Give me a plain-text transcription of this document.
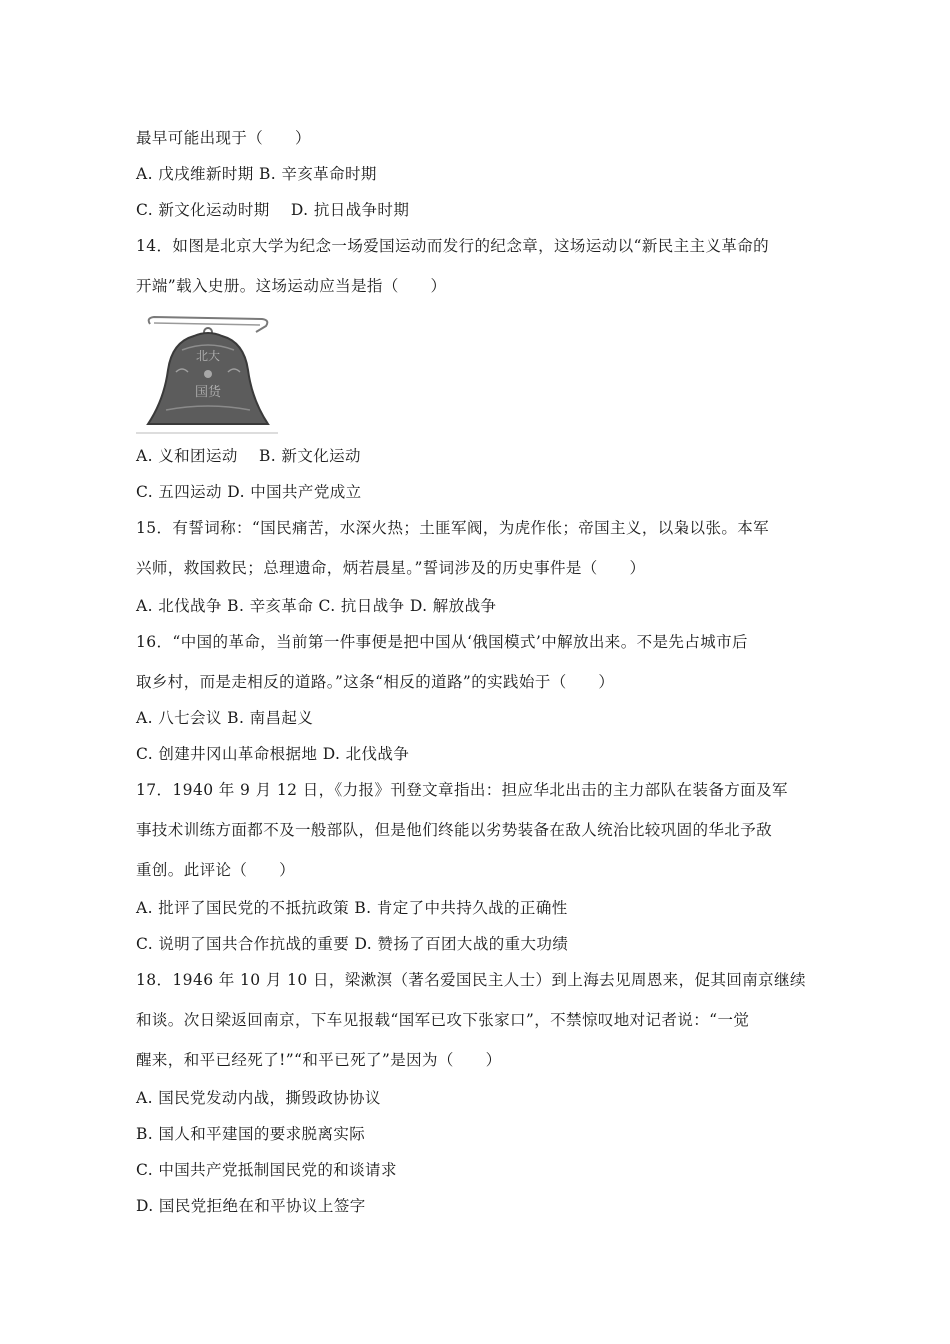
最早可能出现于（　　）
A. 戊戌维新时期 B. 辛亥革命时期
C. 新文化运动时期　 D. 抗日战争时期
14．如图是北京大学为纪念一场爱国运动而发行的纪念章，这场运动以“新民主主义革命的
开端”载入史册。这场运动应当是指（　　）
北大
国货
A. 义和团运动　 B. 新文化运动
C. 五四运动 D. 中国共产党成立
15．有誓词称：“国民痛苦，水深火热；土匪军阀，为虎作伥；帝国主义，以枭以张。本军
兴师，救国救民；总理遗命，炳若晨星。”誓词涉及的历史事件是（　　）
A. 北伐战争 B. 辛亥革命 C. 抗日战争 D. 解放战争
16．“中国的革命，当前第一件事便是把中国从‘俄国模式’中解放出来。不是先占城市后
取乡村，而是走相反的道路。”这条“相反的道路”的实践始于（　　）
A. 八七会议 B. 南昌起义
C. 创建井冈山革命根据地 D. 北伐战争
17．1940 年 9 月 12 日，《力报》刊登文章指出：担应华北出击的主力部队在装备方面及军
事技术训练方面都不及一般部队，但是他们终能以劣势装备在敌人统治比较巩固的华北予敌
重创。此评论（　　）
A. 批评了国民党的不抵抗政策 B. 肯定了中共持久战的正确性
C. 说明了国共合作抗战的重要 D. 赞扬了百团大战的重大功绩
18．1946 年 10 月 10 日，梁漱溟（著名爱国民主人士）到上海去见周恩来，促其回南京继续
和谈。次日梁返回南京，下车见报载“国军已攻下张家口”，不禁惊叹地对记者说：“一觉
醒来，和平已经死了!”“和平已死了”是因为（　　）
A. 国民党发动内战，撕毁政协协议
B. 国人和平建国的要求脱离实际
C. 中国共产党抵制国民党的和谈请求
D. 国民党拒绝在和平协议上签字
